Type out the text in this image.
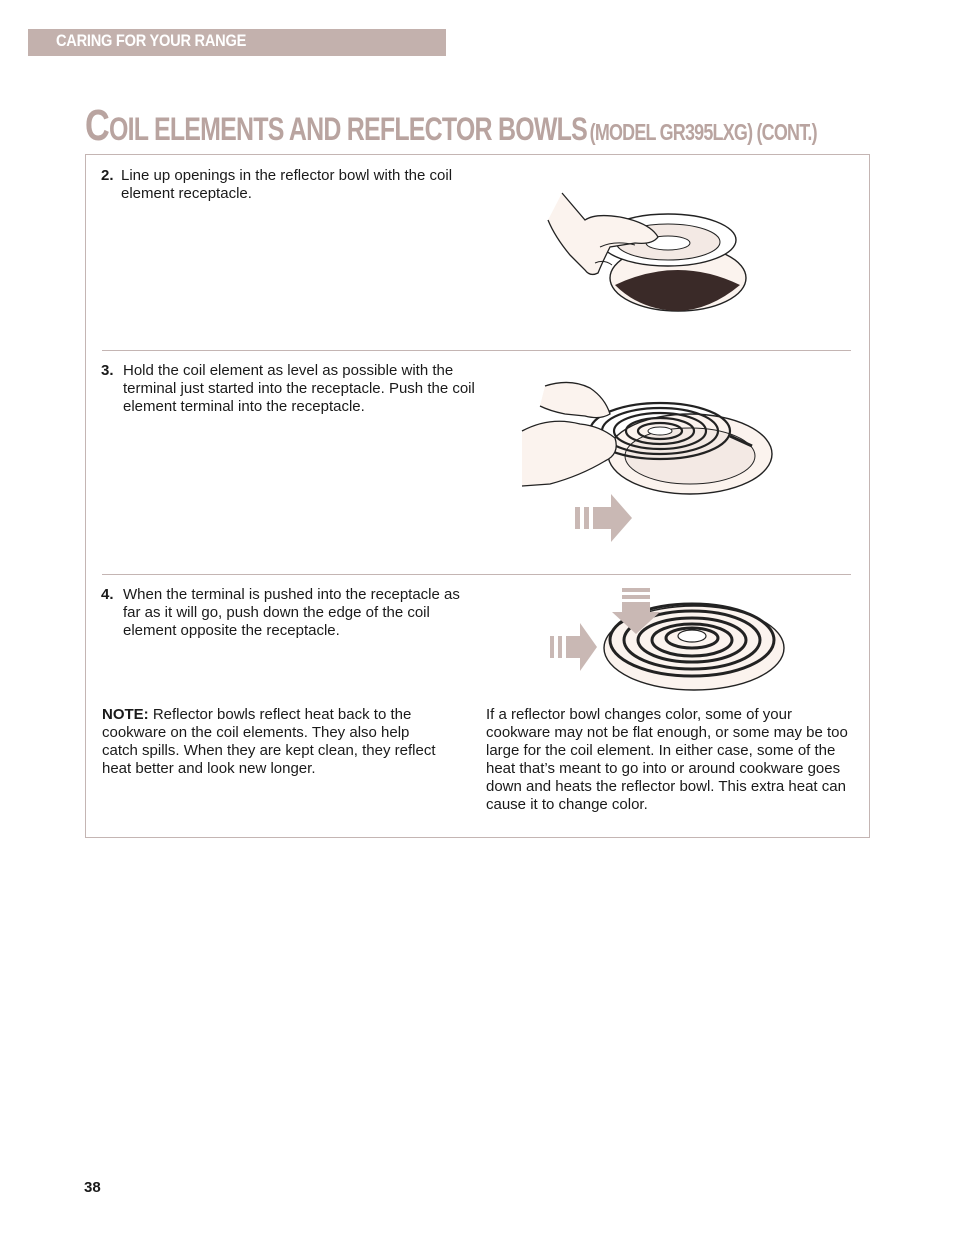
CARING FOR YOUR RANGE
COIL ELEMENTS AND REFLECTOR BOWLS (MODEL GR395LXG) (CONT.)
2. Line up openings in the reflector bowl with the coil element receptacle.
3. Hold the coil element as level as possible with the terminal just started into the receptacle. Push the coil element terminal into the receptacle.
4. When the terminal is pushed into the receptacle as far as it will go, push down the edge of the coil element opposite the receptacle.
NOTE: Reflector bowls reflect heat back to the cookware on the coil elements. They also help catch spills. When they are kept clean, they reflect heat better and look new longer.
If a reflector bowl changes color, some of your cookware may not be flat enough, or some may be too large for the coil element. In either case, some of the heat that’s meant to go into or around cookware goes down and heats the reflector bowl. This extra heat can cause it to change color.
38
